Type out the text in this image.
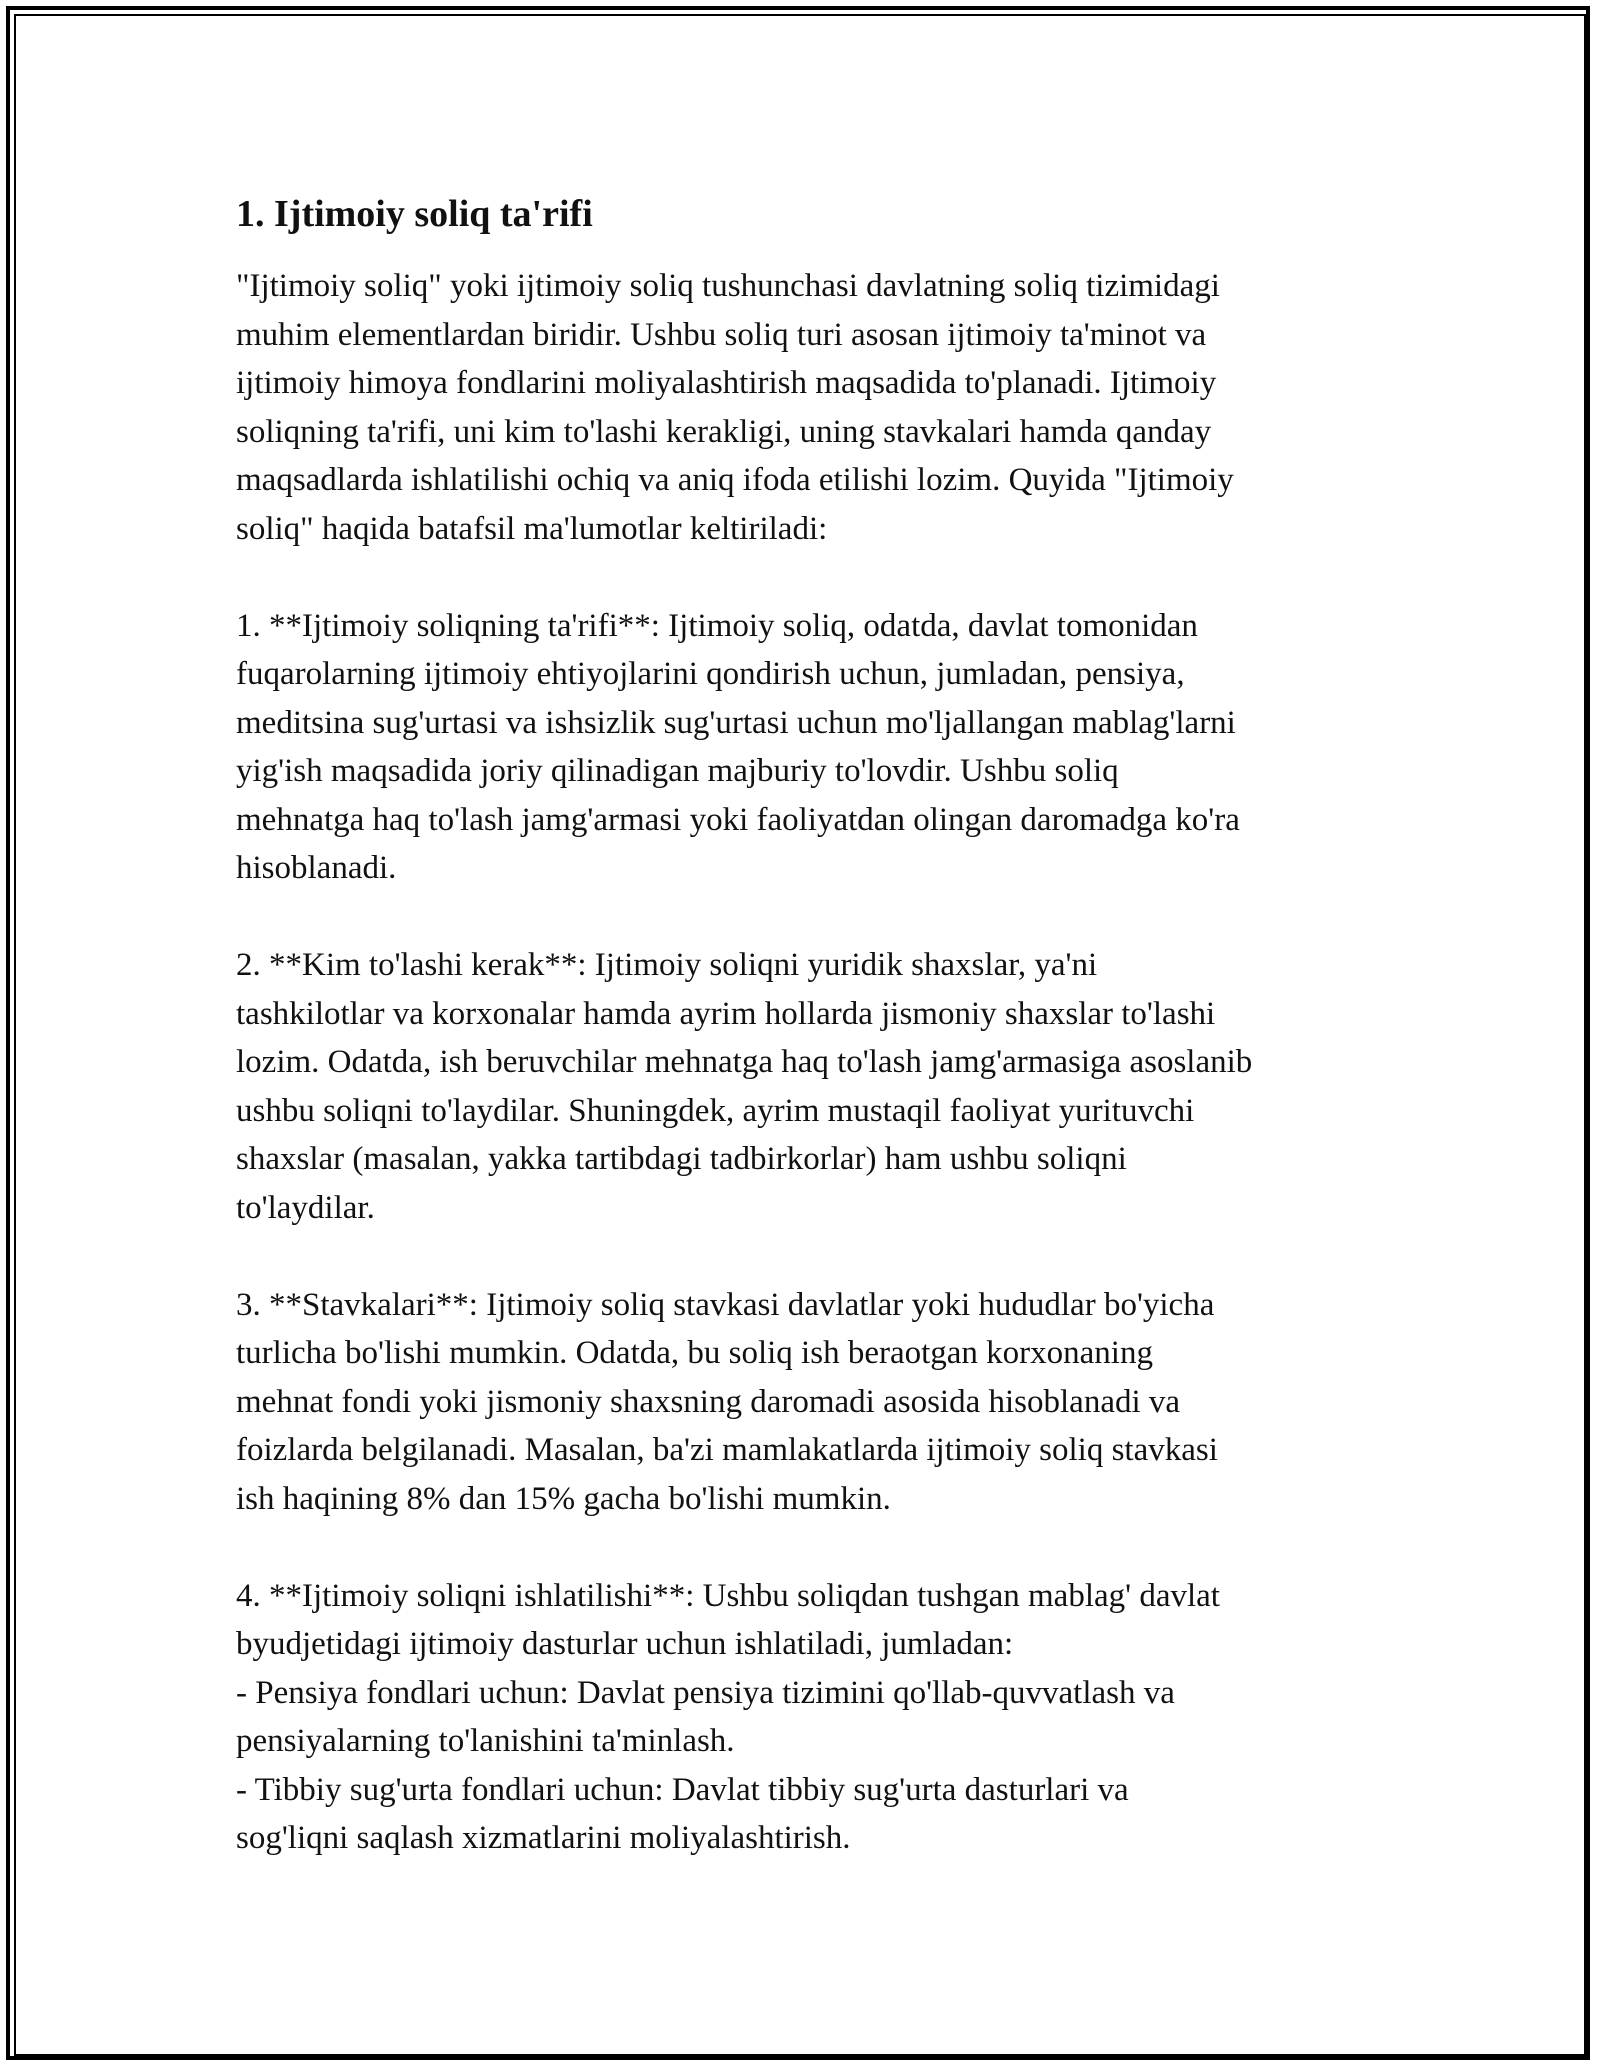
1. Ijtimoiy soliq ta'rifi

"Ijtimoiy soliq" yoki ijtimoiy soliq tushunchasi davlatning soliq tizimidagi
muhim elementlardan biridir. Ushbu soliq turi asosan ijtimoiy ta'minot va
ijtimoiy himoya fondlarini moliyalashtirish maqsadida to'planadi. Ijtimoiy
soliqning ta'rifi, uni kim to'lashi kerakligi, uning stavkalari hamda qanday
maqsadlarda ishlatilishi ochiq va aniq ifoda etilishi lozim. Quyida "Ijtimoiy
soliq" haqida batafsil ma'lumotlar keltiriladi:

1. **Ijtimoiy soliqning ta'rifi**: Ijtimoiy soliq, odatda, davlat tomonidan
fuqarolarning ijtimoiy ehtiyojlarini qondirish uchun, jumladan, pensiya,
meditsina sug'urtasi va ishsizlik sug'urtasi uchun mo'ljallangan mablag'larni
yig'ish maqsadida joriy qilinadigan majburiy to'lovdir. Ushbu soliq
mehnatga haq to'lash jamg'armasi yoki faoliyatdan olingan daromadga ko'ra
hisoblanadi.

2. **Kim to'lashi kerak**: Ijtimoiy soliqni yuridik shaxslar, ya'ni
tashkilotlar va korxonalar hamda ayrim hollarda jismoniy shaxslar to'lashi
lozim. Odatda, ish beruvchilar mehnatga haq to'lash jamg'armasiga asoslanib
ushbu soliqni to'laydilar. Shuningdek, ayrim mustaqil faoliyat yurituvchi
shaxslar (masalan, yakka tartibdagi tadbirkorlar) ham ushbu soliqni
to'laydilar.

3. **Stavkalari**: Ijtimoiy soliq stavkasi davlatlar yoki hududlar bo'yicha
turlicha bo'lishi mumkin. Odatda, bu soliq ish beraotgan korxonaning
mehnat fondi yoki jismoniy shaxsning daromadi asosida hisoblanadi va
foizlarda belgilanadi. Masalan, ba'zi mamlakatlarda ijtimoiy soliq stavkasi
ish haqining 8% dan 15% gacha bo'lishi mumkin.

4. **Ijtimoiy soliqni ishlatilishi**: Ushbu soliqdan tushgan mablag' davlat
byudjetidagi ijtimoiy dasturlar uchun ishlatiladi, jumladan:
- Pensiya fondlari uchun: Davlat pensiya tizimini qo'llab-quvvatlash va
pensiyalarning to'lanishini ta'minlash.
- Tibbiy sug'urta fondlari uchun: Davlat tibbiy sug'urta dasturlari va
sog'liqni saqlash xizmatlarini moliyalashtirish.
